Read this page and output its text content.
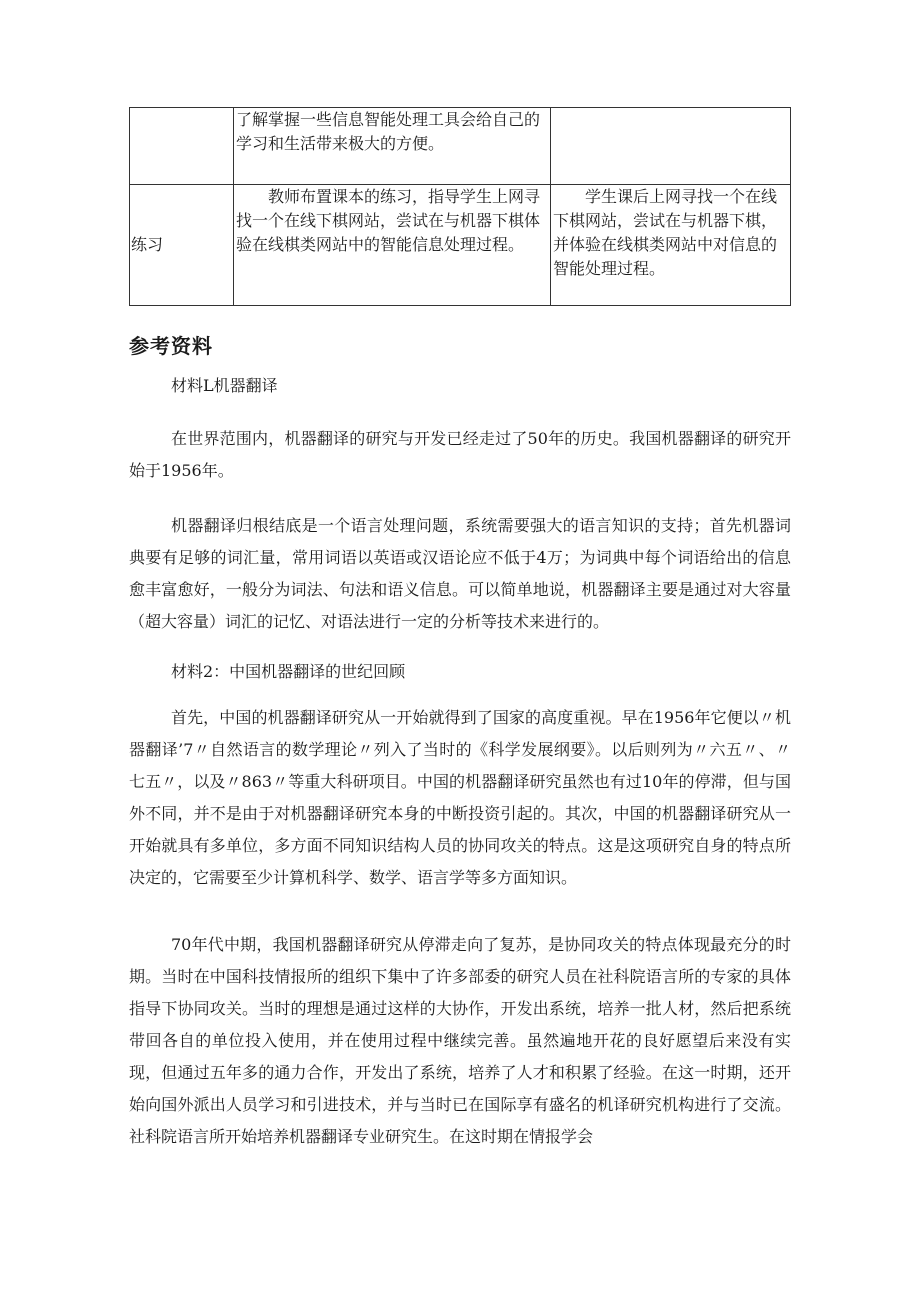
	了解掌握一些信息智能处理工具会给自己的学习和生活带来极大的方便。	
练习	教师布置课本的练习，指导学生上网寻找一个在线下棋网站，尝试在与机器下棋体验在线棋类网站中的智能信息处理过程。	学生课后上网寻找一个在线下棋网站，尝试在与机器下棋，并体验在线棋类网站中对信息的智能处理过程。
参考资料
材料L机器翻译

在世界范围内，机器翻译的研究与开发已经走过了50年的历史。我国机器翻译的研究开始于1956年。

机器翻译归根结底是一个语言处理问题，系统需要强大的语言知识的支持；首先机器词典要有足够的词汇量，常用词语以英语或汉语论应不低于4万；为词典中每个词语给出的信息愈丰富愈好，一般分为词法、句法和语义信息。可以简单地说，机器翻译主要是通过对大容量（超大容量）词汇的记忆、对语法进行一定的分析等技术来进行的。

材料2：中国机器翻译的世纪回顾

首先，中国的机器翻译研究从一开始就得到了国家的高度重视。早在1956年它便以〃机器翻译’7〃自然语言的数学理论〃列入了当时的《科学发展纲要》。以后则列为〃六五〃、〃七五〃，以及〃863〃等重大科研项目。中国的机器翻译研究虽然也有过10年的停滞，但与国外不同，并不是由于对机器翻译研究本身的中断投资引起的。其次，中国的机器翻译研究从一开始就具有多单位，多方面不同知识结构人员的协同攻关的特点。这是这项研究自身的特点所决定的，它需要至少计算机科学、数学、语言学等多方面知识。

70年代中期，我国机器翻译研究从停滞走向了复苏，是协同攻关的特点体现最充分的时期。当时在中国科技情报所的组织下集中了许多部委的研究人员在社科院语言所的专家的具体指导下协同攻关。当时的理想是通过这样的大协作，开发出系统，培养一批人材，然后把系统带回各自的单位投入使用，并在使用过程中继续完善。虽然遍地开花的良好愿望后来没有实现，但通过五年多的通力合作，开发出了系统，培养了人才和积累了经验。在这一时期，还开始向国外派出人员学习和引进技术，并与当时已在国际享有盛名的机译研究机构进行了交流。社科院语言所开始培养机器翻译专业研究生。在这时期在情报学会
